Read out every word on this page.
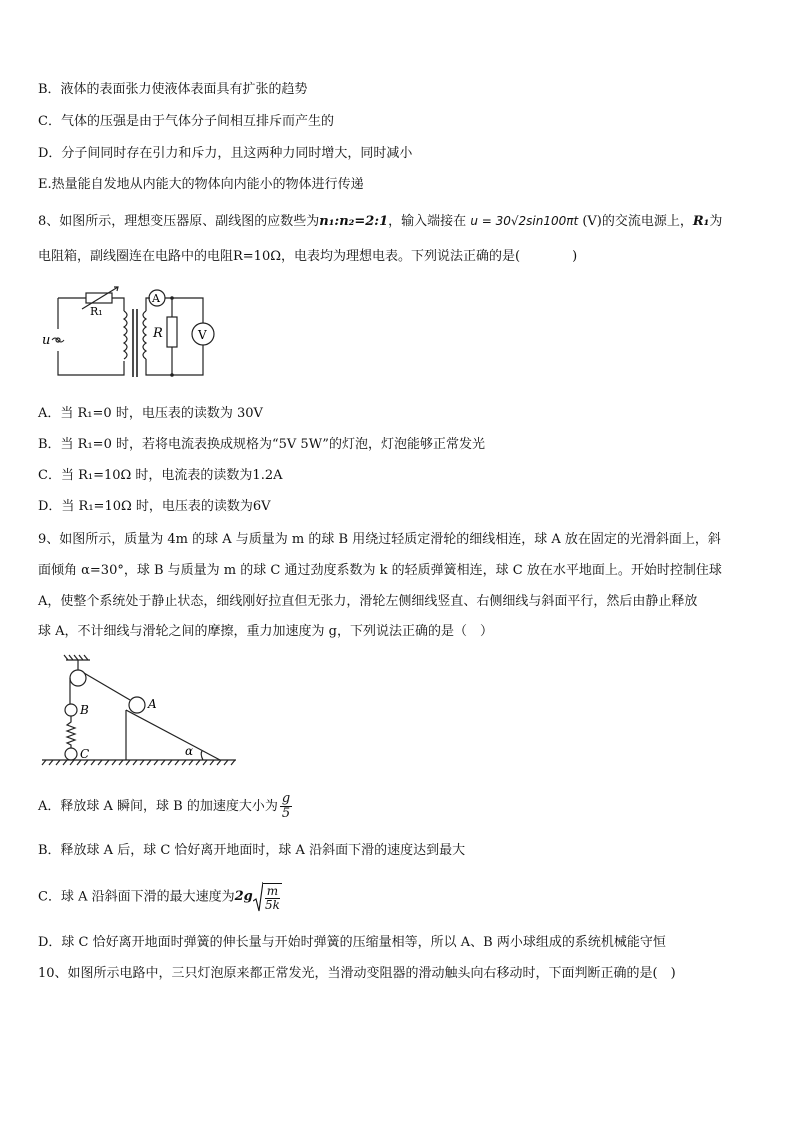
B．液体的表面张力使液体表面具有扩张的趋势
C．气体的压强是由于气体分子间相互排斥而产生的
D．分子间同时存在引力和斥力，且这两种力同时增大，同时减小
E.热量能自发地从内能大的物体向内能小的物体进行传递
8、如图所示，理想变压器原、副线图的应数些为n₁:n₂=2:1，输入端接在 u = 30√2sin100πt (V)的交流电源上，R₁为
电阻箱，副线圈连在电路中的电阻R=10Ω，电表均为理想电表。下列说法正确的是(　　　　)
R₁
u
A
R	V
A．当 R₁=0 时，电压表的读数为 30V
B．当 R₁=0 时，若将电流表换成规格为“5V 5W”的灯泡，灯泡能够正常发光
C．当 R₁=10Ω 时，电流表的读数为1.2A
D．当 R₁=10Ω 时，电压表的读数为6V
9、如图所示，质量为 4m 的球 A 与质量为 m 的球 B 用绕过轻质定滑轮的细线相连，球 A 放在固定的光滑斜面上，斜
面倾角 α=30°，球 B 与质量为 m 的球 C 通过劲度系数为 k 的轻质弹簧相连，球 C 放在水平地面上。开始时控制住球
A，使整个系统处于静止状态，细线刚好拉直但无张力，滑轮左侧细线竖直、右侧细线与斜面平行，然后由静止释放
球 A，不计细线与滑轮之间的摩擦，重力加速度为 g，下列说法正确的是（　）
B
C
A
α
A．释放球 A 瞬间，球 B 的加速度大小为 $\frac{g}{5}$
B．释放球 A 后，球 C 恰好离开地面时，球 A 沿斜面下滑的速度达到最大
C．球 A 沿斜面下滑的最大速度为 $2g \frac{m}{5k}$
D．球 C 恰好离开地面时弹簧的伸长量与开始时弹簧的压缩量相等，所以 A、B 两小球组成的系统机械能守恒
10、如图所示电路中，三只灯泡原来都正常发光，当滑动变阻器的滑动触头向右移动时，下面判断正确的是(　)
